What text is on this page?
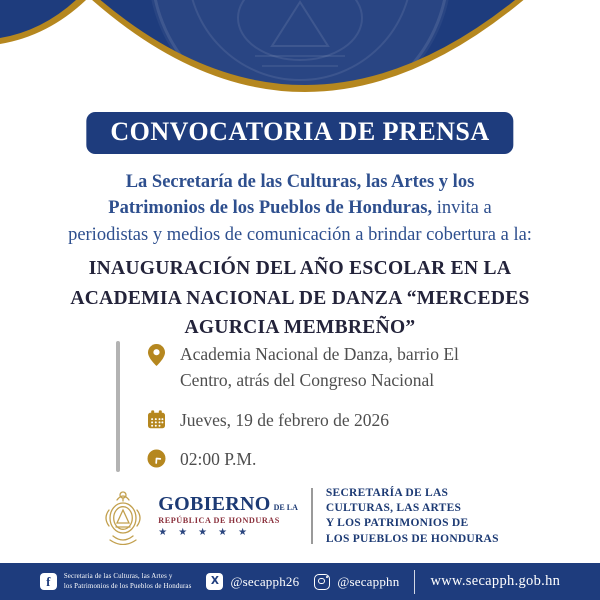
CONVOCATORIA DE PRENSA
La Secretaría de las Culturas, las Artes y los
Patrimonios de los Pueblos de Honduras, invita a
periodistas y medios de comunicación a brindar cobertura a la:
INAUGURACIÓN DEL AÑO ESCOLAR EN LA
ACADEMIA NACIONAL DE DANZA “MERCEDES
AGURCIA MEMBREÑO”
Academia Nacional de Danza, barrio El Centro, atrás del Congreso Nacional
Jueves, 19 de febrero de 2026
02:00 P.M.
GOBIERNO DE LA
REPÚBLICA DE HONDURAS
★★★★★
SECRETARÍA DE LAS
CULTURAS, LAS ARTES
Y LOS PATRIMONIOS DE
LOS PUEBLOS DE HONDURAS
f Secretaria de las Culturas, las Artes y
los Patrimonios de los Pueblos de Honduras X @secapph26	@secapphn www.secapph.gob.hn
